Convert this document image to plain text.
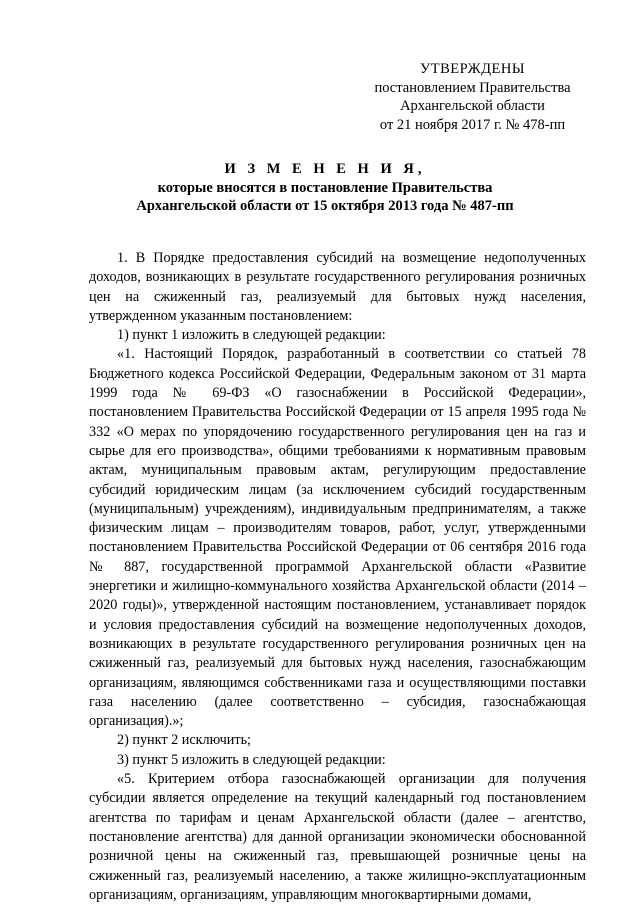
УТВЕРЖДЕНЫ
постановлением Правительства
Архангельской области
от 21 ноября 2017 г. № 478-пп
И З М Е Н Е Н И Я,
которые вносятся в постановление Правительства
Архангельской области от 15 октября 2013 года № 487-пп

1. В Порядке предоставления субсидий на возмещение недополученных доходов, возникающих в результате государственного регулирования розничных цен на сжиженный газ, реализуемый для бытовых нужд населения, утвержденном указанным постановлением:

1) пункт 1 изложить в следующей редакции:

«1. Настоящий Порядок, разработанный в соответствии со статьей 78 Бюджетного кодекса Российской Федерации, Федеральным законом от 31 марта 1999 года № 69-ФЗ «О газоснабжении в Российской Федерации», постановлением Правительства Российской Федерации от 15 апреля 1995 года № 332 «О мерах по упорядочению государственного регулирования цен на газ и сырье для его производства», общими требованиями к нормативным правовым актам, муниципальным правовым актам, регулирующим предоставление субсидий юридическим лицам (за исключением субсидий государственным (муниципальным) учреждениям), индивидуальным предпринимателям, а также физическим лицам – производителям товаров, работ, услуг, утвержденными постановлением Правительства Российской Федерации от 06 сентября 2016 года № 887, государственной программой Архангельской области «Развитие энергетики и жилищно-коммунального хозяйства Архангельской области (2014 – 2020 годы)», утвержденной настоящим постановлением, устанавливает порядок и условия предоставления субсидий на возмещение недополученных доходов, возникающих в результате государственного регулирования розничных цен на сжиженный газ, реализуемый для бытовых нужд населения, газоснабжающим организациям, являющимся собственниками газа и осуществляющими поставки газа населению (далее соответственно – субсидия, газоснабжающая организация).»;

2) пункт 2 исключить;

3) пункт 5 изложить в следующей редакции:

«5. Критерием отбора газоснабжающей организации для получения субсидии является определение на текущий календарный год постановлением агентства по тарифам и ценам Архангельской области (далее – агентство, постановление агентства) для данной организации экономически обоснованной розничной цены на сжиженный газ, превышающей розничные цены на сжиженный газ, реализуемый населению, а также жилищно-эксплуатационным организациям, организациям, управляющим многоквартирными домами,
